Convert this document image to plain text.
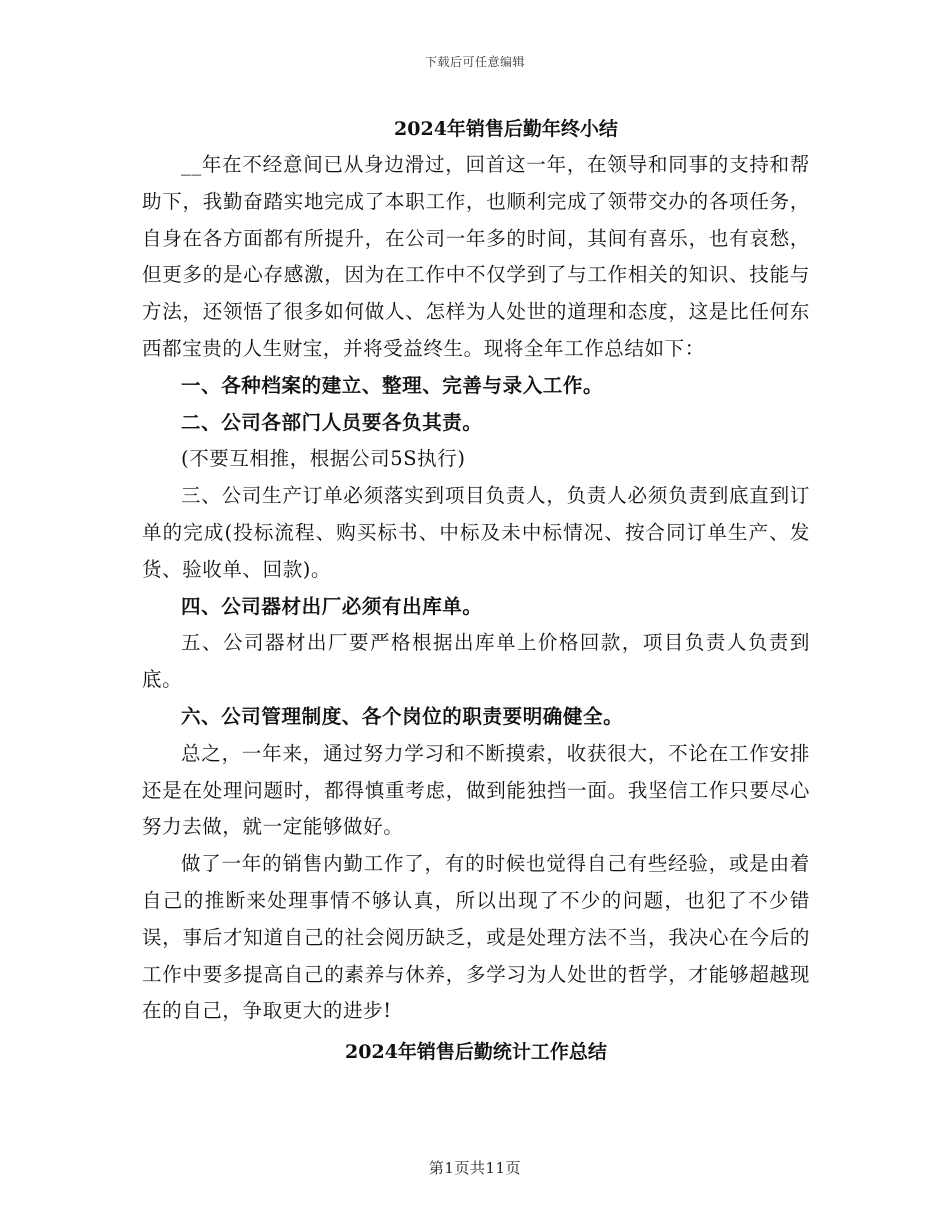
下载后可任意编辑
2024年销售后勤年终小结

__年在不经意间已从身边滑过，回首这一年，在领导和同事的支持和帮助下，我勤奋踏实地完成了本职工作，也顺利完成了领带交办的各项任务，自身在各方面都有所提升，在公司一年多的时间，其间有喜乐，也有哀愁，但更多的是心存感激，因为在工作中不仅学到了与工作相关的知识、技能与方法，还领悟了很多如何做人、怎样为人处世的道理和态度，这是比任何东西都宝贵的人生财宝，并将受益终生。现将全年工作总结如下：

一、各种档案的建立、整理、完善与录入工作。

二、公司各部门人员要各负其责。

(不要互相推，根据公司5S执行)

三、公司生产订单必须落实到项目负责人，负责人必须负责到底直到订单的完成(投标流程、购买标书、中标及未中标情况、按合同订单生产、发货、验收单、回款)。

四、公司器材出厂必须有出库单。

五、公司器材出厂要严格根据出库单上价格回款，项目负责人负责到底。

六、公司管理制度、各个岗位的职责要明确健全。

总之，一年来，通过努力学习和不断摸索，收获很大，不论在工作安排还是在处理问题时，都得慎重考虑，做到能独挡一面。我坚信工作只要尽心努力去做，就一定能够做好。

做了一年的销售内勤工作了，有的时候也觉得自己有些经验，或是由着自己的推断来处理事情不够认真，所以出现了不少的问题，也犯了不少错误，事后才知道自己的社会阅历缺乏，或是处理方法不当，我决心在今后的工作中要多提高自己的素养与休养，多学习为人处世的哲学，才能够超越现在的自己，争取更大的进步!

2024年销售后勤统计工作总结
第1页共11页
